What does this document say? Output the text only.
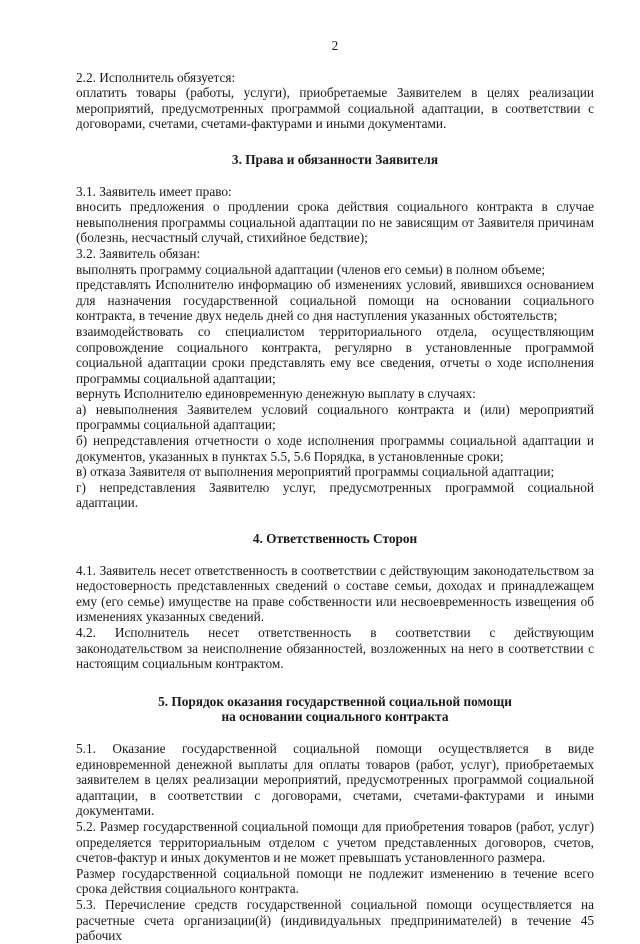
2

2.2. Исполнитель обязуется:

оплатить товары (работы, услуги), приобретаемые Заявителем в целях реализации мероприятий, предусмотренных программой социальной адаптации, в соответствии с договорами, счетами, счетами-фактурами и иными документами.

3. Права и обязанности Заявителя

3.1. Заявитель имеет право:

вносить предложения о продлении срока действия социального контракта в случае невыполнения программы социальной адаптации по не зависящим от Заявителя причинам (болезнь, несчастный случай, стихийное бедствие);

3.2. Заявитель обязан:

выполнять программу социальной адаптации (членов его семьи) в полном объеме;

представлять Исполнителю информацию об изменениях условий, явившихся основанием для назначения государственной социальной помощи на основании социального контракта, в течение двух недель дней со дня наступления указанных обстоятельств;

взаимодействовать со специалистом территориального отдела, осуществляющим сопровождение социального контракта, регулярно в установленные программой социальной адаптации сроки представлять ему все сведения, отчеты о ходе исполнения программы социальной адаптации;

вернуть Исполнителю единовременную денежную выплату в случаях:

а) невыполнения Заявителем условий социального контракта и (или) мероприятий программы социальной адаптации;

б) непредставления отчетности о ходе исполнения программы социальной адаптации и документов, указанных в пунктах 5.5, 5.6 Порядка, в установленные сроки;

в) отказа Заявителя от выполнения мероприятий программы социальной адаптации;

г) непредставления Заявителю услуг, предусмотренных программой социальной адаптации.

4. Ответственность Сторон

4.1. Заявитель несет ответственность в соответствии с действующим законодательством за недостоверность представленных сведений о составе семьи, доходах и принадлежащем ему (его семье) имуществе на праве собственности или несвоевременность извещения об изменениях указанных сведений.

4.2. Исполнитель несет ответственность в соответствии с действующим законодательством за неисполнение обязанностей, возложенных на него в соответствии с настоящим социальным контрактом.

5. Порядок оказания государственной социальной помощи
на основании социального контракта

5.1. Оказание государственной социальной помощи осуществляется в виде единовременной денежной выплаты для оплаты товаров (работ, услуг), приобретаемых заявителем в целях реализации мероприятий, предусмотренных программой социальной адаптации, в соответствии с договорами, счетами, счетами-фактурами и иными документами.

5.2. Размер государственной социальной помощи для приобретения товаров (работ, услуг) определяется территориальным отделом с учетом представленных договоров, счетов, счетов-фактур и иных документов и не может превышать установленного размера.

Размер государственной социальной помощи не подлежит изменению в течение всего срока действия социального контракта.

5.3. Перечисление средств государственной социальной помощи осуществляется на расчетные счета организации(й) (индивидуальных предпринимателей) в течение 45 рабочих
